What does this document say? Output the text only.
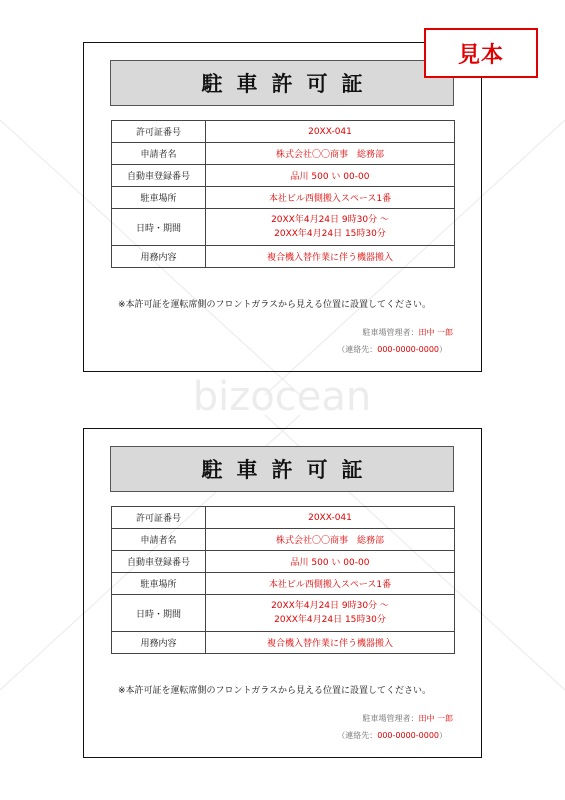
bizocean
駐車許可証
許可証番号	20XX-041
申請者名	株式会社〇〇商事　総務部
自動車登録番号	品川 500 い 00-00
駐車場所	本社ビル西側搬入スペース1番
日時・期間	20XX年4月24日 9時30分 ～
20XX年4月24日 15時30分

用務内容	複合機入替作業に伴う機器搬入
※本許可証を運転席側のフロントガラスから見える位置に設置してください。
駐車場管理者：田中 一郎
（連絡先：000-0000-0000）
駐車許可証
許可証番号	20XX-041
申請者名	株式会社〇〇商事　総務部
自動車登録番号	品川 500 い 00-00
駐車場所	本社ビル西側搬入スペース1番
日時・期間	20XX年4月24日 9時30分 ～
20XX年4月24日 15時30分

用務内容	複合機入替作業に伴う機器搬入
※本許可証を運転席側のフロントガラスから見える位置に設置してください。
駐車場管理者：田中 一郎
（連絡先：000-0000-0000）
見本
